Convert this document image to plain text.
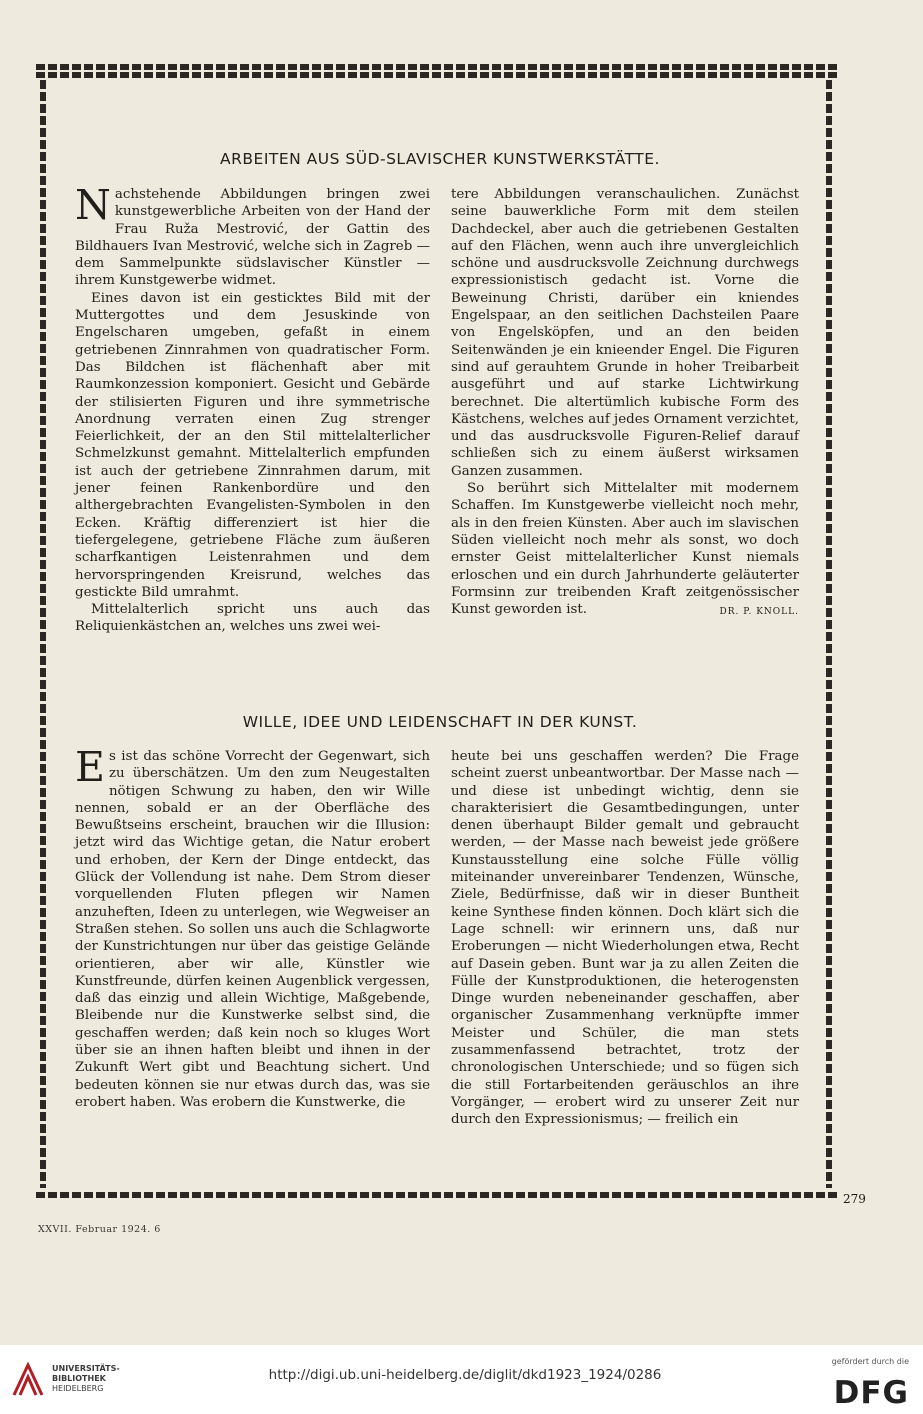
ARBEITEN AUS SÜD-SLAVISCHER KUNSTWERKSTÄTTE.

Nachstehende Abbildungen bringen zwei kunstgewerbliche Arbeiten von der Hand der Frau Ruža Mestrović, der Gattin des Bildhauers Ivan Mestrović, welche sich in Zagreb — dem Sammelpunkte südslavischer Künstler — ihrem Kunstgewerbe widmet.

Eines davon ist ein gesticktes Bild mit der Muttergottes und dem Jesuskinde von Engelscharen umgeben, gefaßt in einem getriebenen Zinnrahmen von quadratischer Form. Das Bildchen ist flächenhaft aber mit Raumkonzession komponiert. Gesicht und Gebärde der stilisierten Figuren und ihre symmetrische Anordnung verraten einen Zug strenger Feierlichkeit, der an den Stil mittelalterlicher Schmelzkunst gemahnt. Mittelalterlich empfunden ist auch der getriebene Zinnrahmen darum, mit jener feinen Rankenbordüre und den althergebrachten Evangelisten-Symbolen in den Ecken. Kräftig differenziert ist hier die tiefergelegene, getriebene Fläche zum äußeren scharfkantigen Leistenrahmen und dem hervorspringenden Kreisrund, welches das gestickte Bild umrahmt.

Mittelalterlich spricht uns auch das Reliquienkästchen an, welches uns zwei wei-

tere Abbildungen veranschaulichen. Zunächst seine bauwerkliche Form mit dem steilen Dachdeckel, aber auch die getriebenen Gestalten auf den Flächen, wenn auch ihre unvergleichlich schöne und ausdrucksvolle Zeichnung durchwegs expressionistisch gedacht ist. Vorne die Beweinung Christi, darüber ein kniendes Engelspaar, an den seitlichen Dachsteilen Paare von Engelsköpfen, und an den beiden Seitenwänden je ein knieender Engel. Die Figuren sind auf gerauhtem Grunde in hoher Treibarbeit ausgeführt und auf starke Lichtwirkung berechnet. Die altertümlich kubische Form des Kästchens, welches auf jedes Ornament verzichtet, und das ausdrucksvolle Figuren-Relief darauf schließen sich zu einem äußerst wirksamen Ganzen zusammen.

So berührt sich Mittelalter mit modernem Schaffen. Im Kunstgewerbe vielleicht noch mehr, als in den freien Künsten. Aber auch im slavischen Süden vielleicht noch mehr als sonst, wo doch ernster Geist mittelalterlicher Kunst niemals erloschen und ein durch Jahrhunderte geläuterter Formsinn zur treibenden Kraft zeitgenössischer Kunst geworden ist.	DR. P. KNOLL.

WILLE, IDEE UND LEIDENSCHAFT IN DER KUNST.

Es ist das schöne Vorrecht der Gegenwart, sich zu überschätzen. Um den zum Neugestalten nötigen Schwung zu haben, den wir Wille nennen, sobald er an der Oberfläche des Bewußtseins erscheint, brauchen wir die Illusion: jetzt wird das Wichtige getan, die Natur erobert und erhoben, der Kern der Dinge entdeckt, das Glück der Vollendung ist nahe. Dem Strom dieser vorquellenden Fluten pflegen wir Namen anzuheften, Ideen zu unterlegen, wie Wegweiser an Straßen stehen. So sollen uns auch die Schlagworte der Kunstrichtungen nur über das geistige Gelände orientieren, aber wir alle, Künstler wie Kunstfreunde, dürfen keinen Augenblick vergessen, daß das einzig und allein Wichtige, Maßgebende, Bleibende nur die Kunstwerke selbst sind, die geschaffen werden; daß kein noch so kluges Wort über sie an ihnen haften bleibt und ihnen in der Zukunft Wert gibt und Beachtung sichert. Und bedeuten können sie nur etwas durch das, was sie erobert haben. Was erobern die Kunstwerke, die

heute bei uns geschaffen werden? Die Frage scheint zuerst unbeantwortbar. Der Masse nach — und diese ist unbedingt wichtig, denn sie charakterisiert die Gesamtbedingungen, unter denen überhaupt Bilder gemalt und gebraucht werden, — der Masse nach beweist jede größere Kunstausstellung eine solche Fülle völlig miteinander unvereinbarer Tendenzen, Wünsche, Ziele, Bedürfnisse, daß wir in dieser Buntheit keine Synthese finden können. Doch klärt sich die Lage schnell: wir erinnern uns, daß nur Eroberungen — nicht Wiederholungen etwa, Recht auf Dasein geben. Bunt war ja zu allen Zeiten die Fülle der Kunstproduktionen, die heterogensten Dinge wurden nebeneinander geschaffen, aber organischer Zusammenhang verknüpfte immer Meister und Schüler, die man stets zusammenfassend betrachtet, trotz der chronologischen Unterschiede; und so fügen sich die still Fortarbeitenden geräuschlos an ihre Vorgänger, — erobert wird zu unserer Zeit nur durch den Expressionismus; — freilich ein

279
XXVII. Februar 1924. 6
UNIVERSITÄTS-
BIBLIOTHEK
HEIDELBERG
http://digi.ub.uni-heidelberg.de/diglit/dkd1923_1924/0286
gefördert durch die
DFG
